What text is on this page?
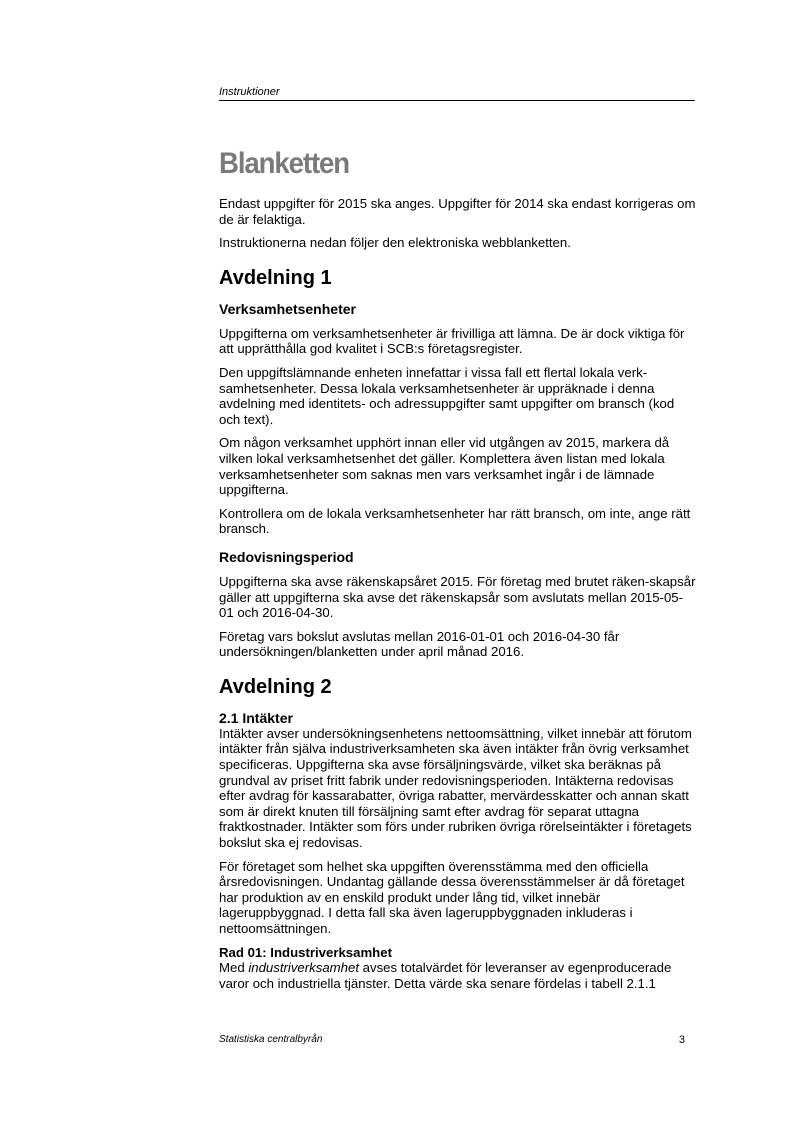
Instruktioner
Blanketten

Endast uppgifter för 2015 ska anges. Uppgifter för 2014 ska endast korrigeras om de är felaktiga.

Instruktionerna nedan följer den elektroniska webblanketten.

Avdelning 1
Verksamhetsenheter

Uppgifterna om verksamhetsenheter är frivilliga att lämna. De är dock viktiga för att upprätthålla god kvalitet i SCB:s företagsregister.

Den uppgiftslämnande enheten innefattar i vissa fall ett flertal lokala verk-samhetsenheter. Dessa lokala verksamhetsenheter är uppräknade i denna avdelning med identitets- och adressuppgifter samt uppgifter om bransch (kod och text).

Om någon verksamhet upphört innan eller vid utgången av 2015, markera då vilken lokal verksamhetsenhet det gäller. Komplettera även listan med lokala verksamhetsenheter som saknas men vars verksamhet ingår i de lämnade uppgifterna.

Kontrollera om de lokala verksamhetsenheter har rätt bransch, om inte, ange rätt bransch.

Redovisningsperiod

Uppgifterna ska avse räkenskapsåret 2015. För företag med brutet räken-skapsår gäller att uppgifterna ska avse det räkenskapsår som avslutats mellan 2015-05-01 och 2016-04-30.

Företag vars bokslut avslutas mellan 2016-01-01 och 2016-04-30 får undersökningen/blanketten under april månad 2016.

Avdelning 2
2.1 Intäkter

Intäkter avser undersökningsenhetens nettoomsättning, vilket innebär att förutom intäkter från själva industriverksamheten ska även intäkter från övrig verksamhet specificeras. Uppgifterna ska avse försäljningsvärde, vilket ska beräknas på grundval av priset fritt fabrik under redovisningsperioden. Intäkterna redovisas efter avdrag för kassarabatter, övriga rabatter, mervärdesskatter och annan skatt som är direkt knuten till försäljning samt efter avdrag för separat uttagna fraktkostnader. Intäkter som förs under rubriken övriga rörelseintäkter i företagets bokslut ska ej redovisas.

För företaget som helhet ska uppgiften överensstämma med den officiella årsredovisningen. Undantag gällande dessa överensstämmelser är då företaget har produktion av en enskild produkt under lång tid, vilket innebär lageruppbyggnad. I detta fall ska även lageruppbyggnaden inkluderas i nettoomsättningen.

Rad 01: Industriverksamhet

Med industriverksamhet avses totalvärdet för leveranser av egenproducerade varor och industriella tjänster. Detta värde ska senare fördelas i tabell 2.1.1

Statistiska centralbyrån	3
